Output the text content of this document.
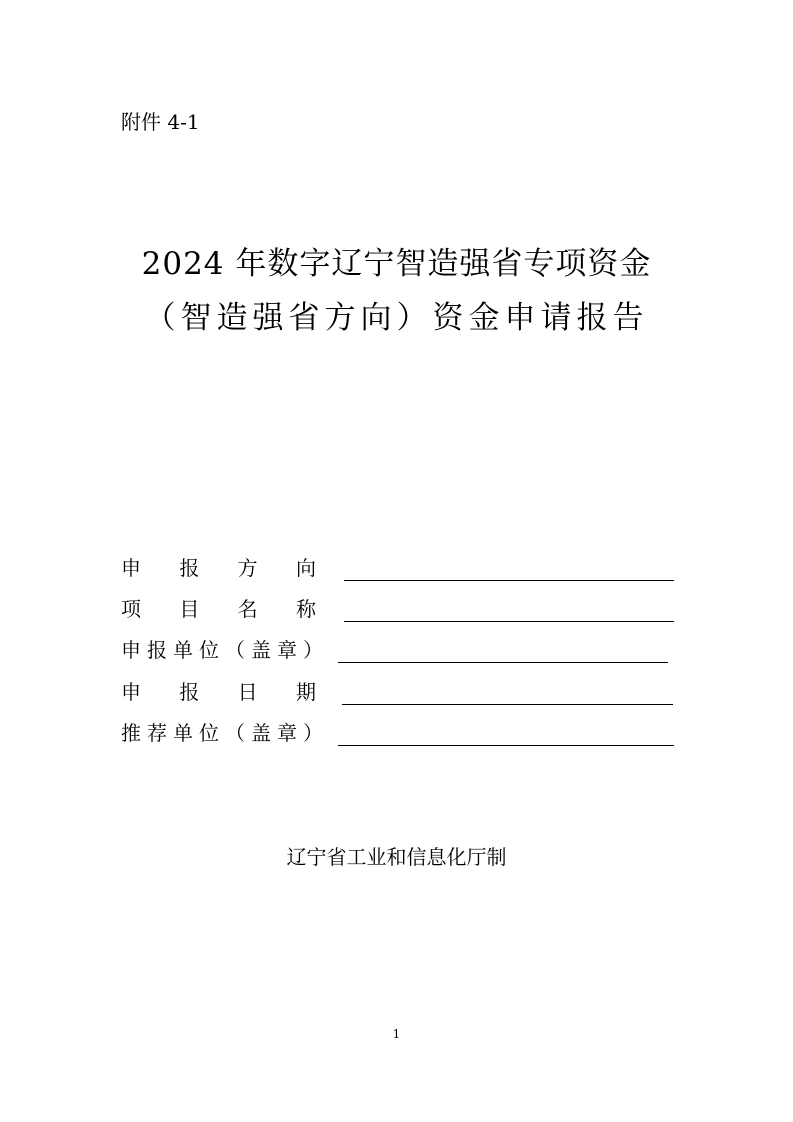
附件 4-1
2024 年数字辽宁智造强省专项资金
（智造强省方向）资金申请报告
申 报 方 向
项 目 名 称
申报单位（盖章）
申 报 日 期
推荐单位（盖章）
辽宁省工业和信息化厅制
1
